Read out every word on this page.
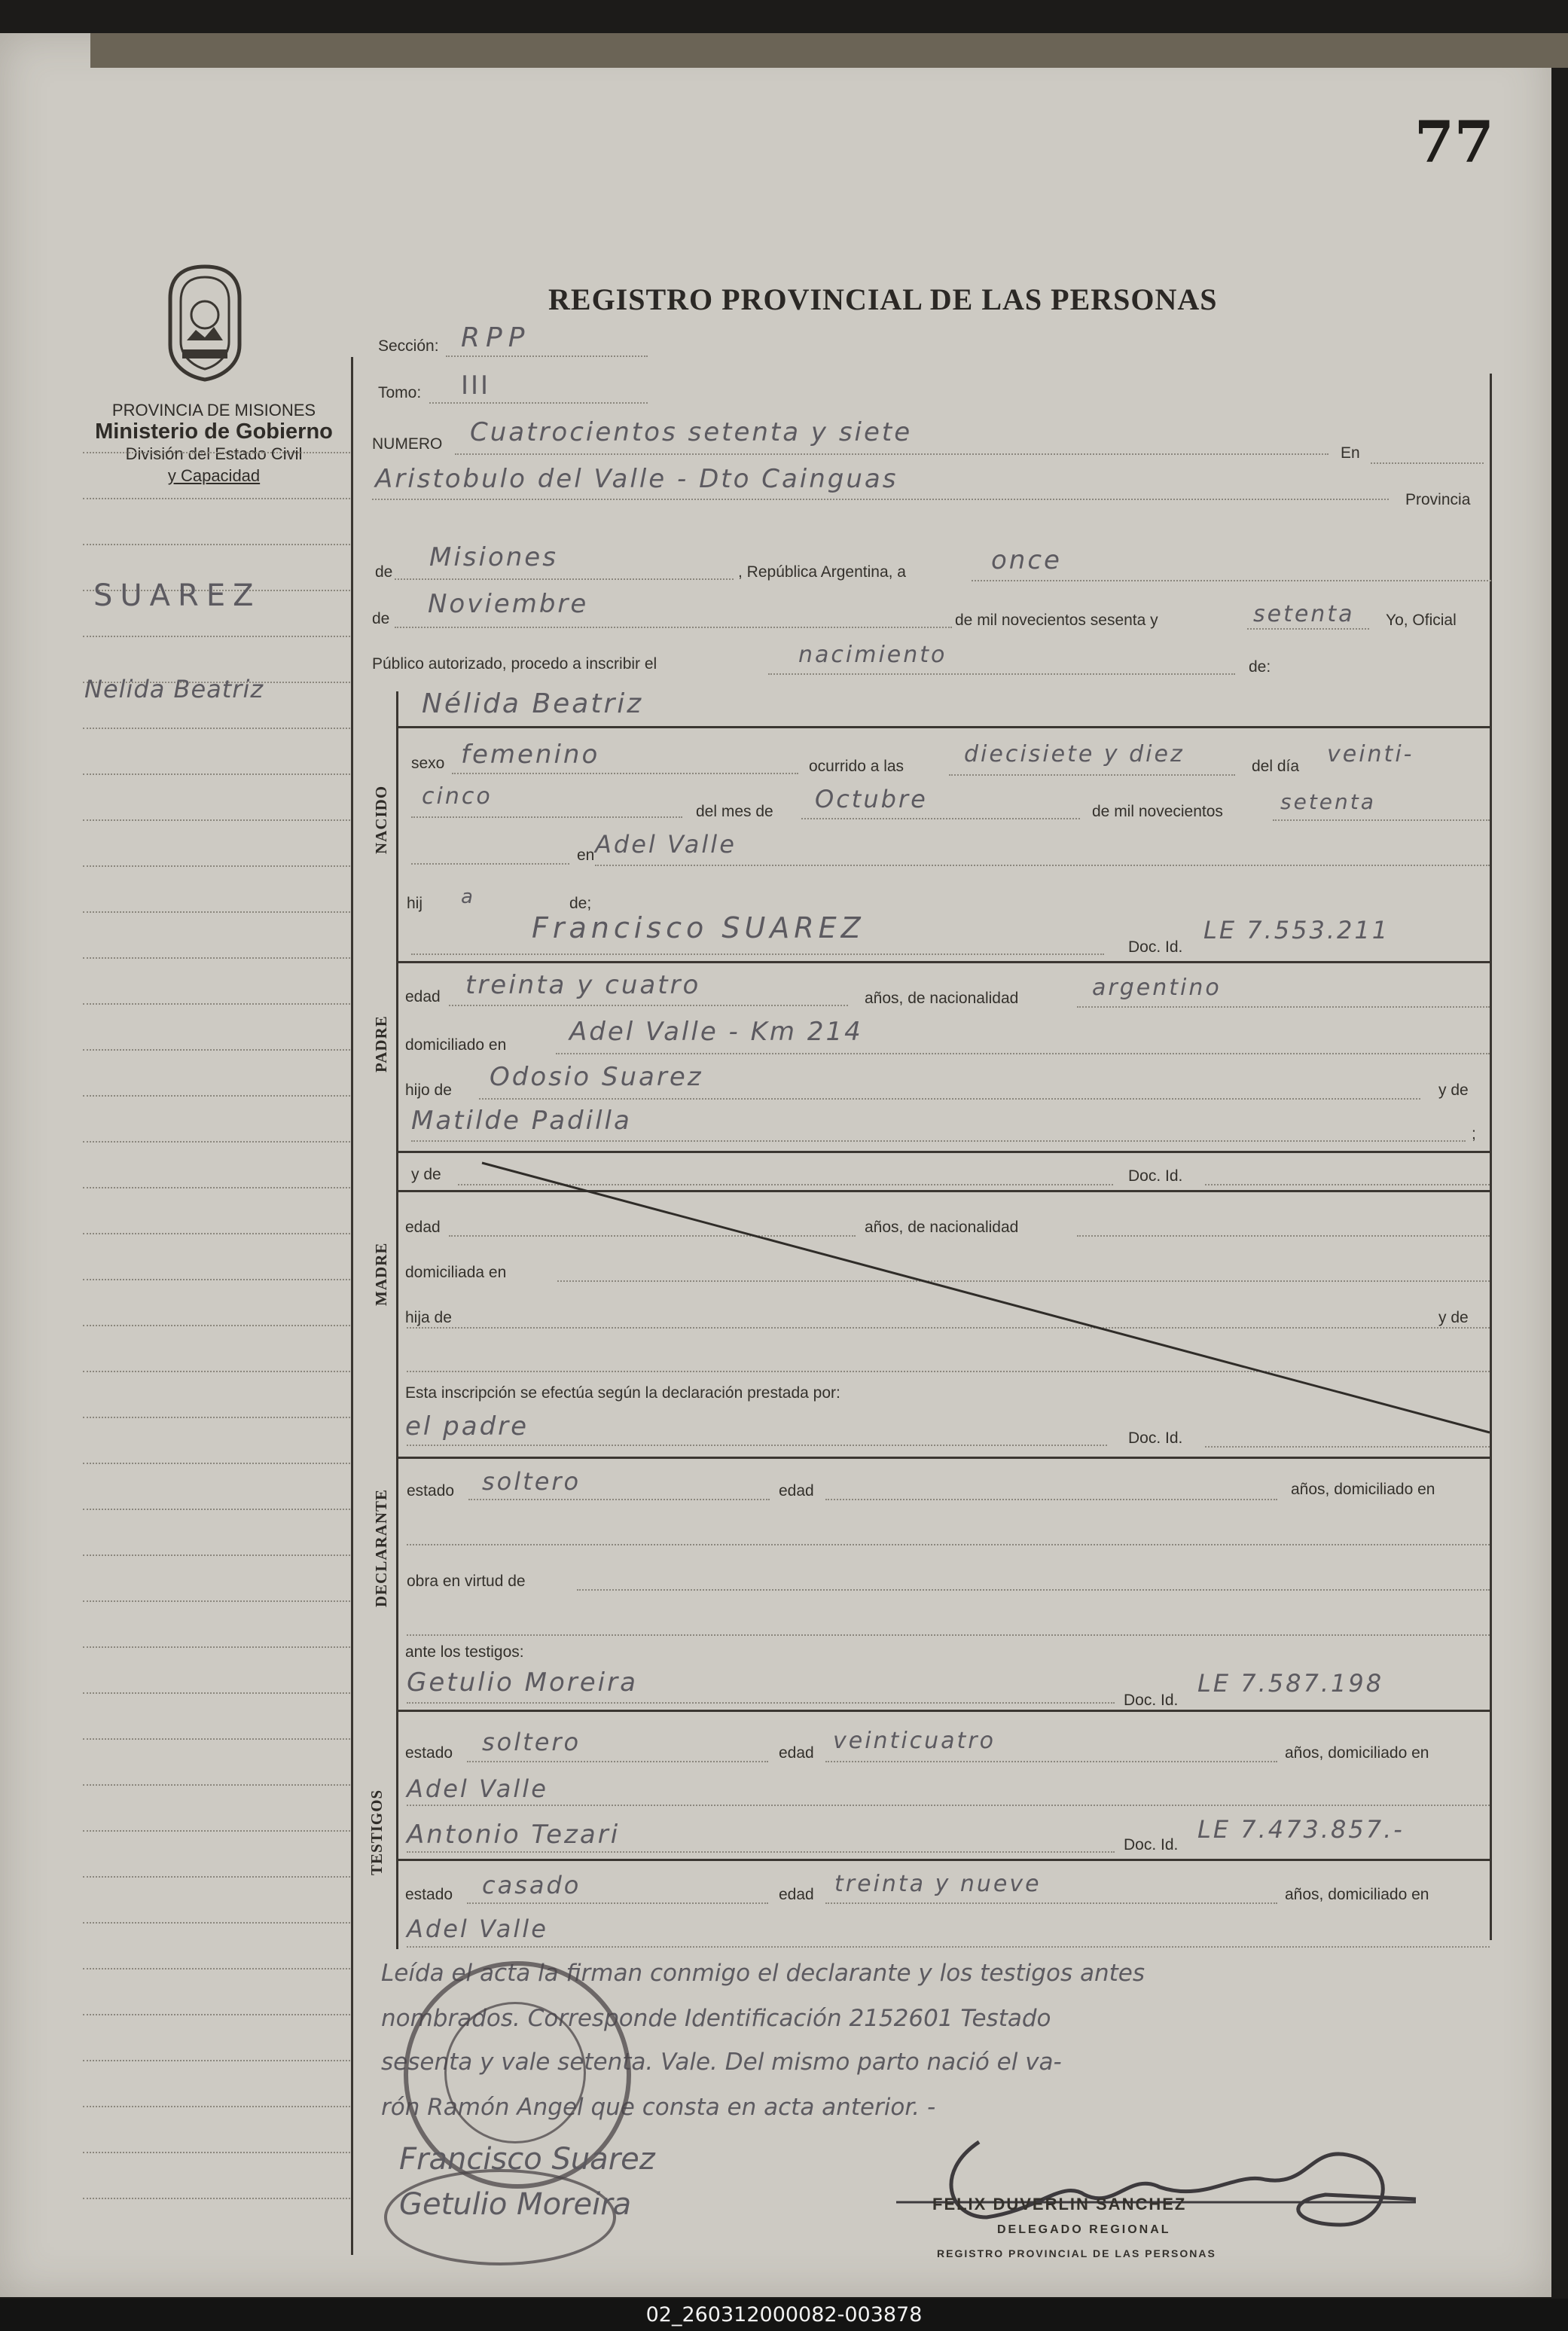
77
REGISTRO PROVINCIAL DE LAS PERSONAS
PROVINCIA DE MISIONES
Ministerio de Gobierno
División del Estado Civil
y Capacidad
SUAREZ
Nelida Beatriz
Sección: RPP
Tomo: III
NUMERO Cuatrocientos setenta y siete
En
Aristobulo del Valle - Dto Cainguas
Provincia
de Misiones	, República Argentina, a	once
de Noviembre
de mil novecientos sesenta y	setenta Yo, Oficial
Público autorizado, procedo a inscribir el	nacimiento	de:
NACIDO
Nélida Beatriz
sexo femenino	ocurrido a las	diecisiete y diez	del día veinti-
cinco
del mes de Octubre	de mil novecientos	setenta
en Adel Valle
hij a	de;
Francisco SUAREZ
Doc. Id.
LE 7.553.211
PADRE
edad treinta y cuatro	años, de nacionalidad	argentino
domiciliado en Adel Valle - Km 214
hijo de Odosio Suarez	y de
Matilde Padilla	;
MADRE
y de	Doc. Id.
edad	años, de nacionalidad
domiciliada en
hija de	y de
Esta inscripción se efectúa según la declaración prestada por:
el padre	Doc. Id.
DECLARANTE estado soltero	edad	años, domiciliado en
obra en virtud de
ante los testigos:
Getulio Moreira
Doc. Id.
LE 7.587.198
TESTIGOS
estado soltero	edad veinticuatro	años, domiciliado en
Adel Valle
Antonio Tezari	Doc. Id.
LE 7.473.857.-
estado casado	edad treinta y nueve	años, domiciliado en
Adel Valle
Leída el acta la firman conmigo el declarante y los testigos antes
nombrados. Corresponde Identificación 2152601 Testado
sesenta y vale setenta. Vale. Del mismo parto nació el va-
rón Ramón Angel que consta en acta anterior. -
Francisco Suarez
Getulio Moreira	FELIX DUVERLIN SANCHEZ
DELEGADO REGIONAL
REGISTRO PROVINCIAL DE LAS PERSONAS
02_260312000082-003878
